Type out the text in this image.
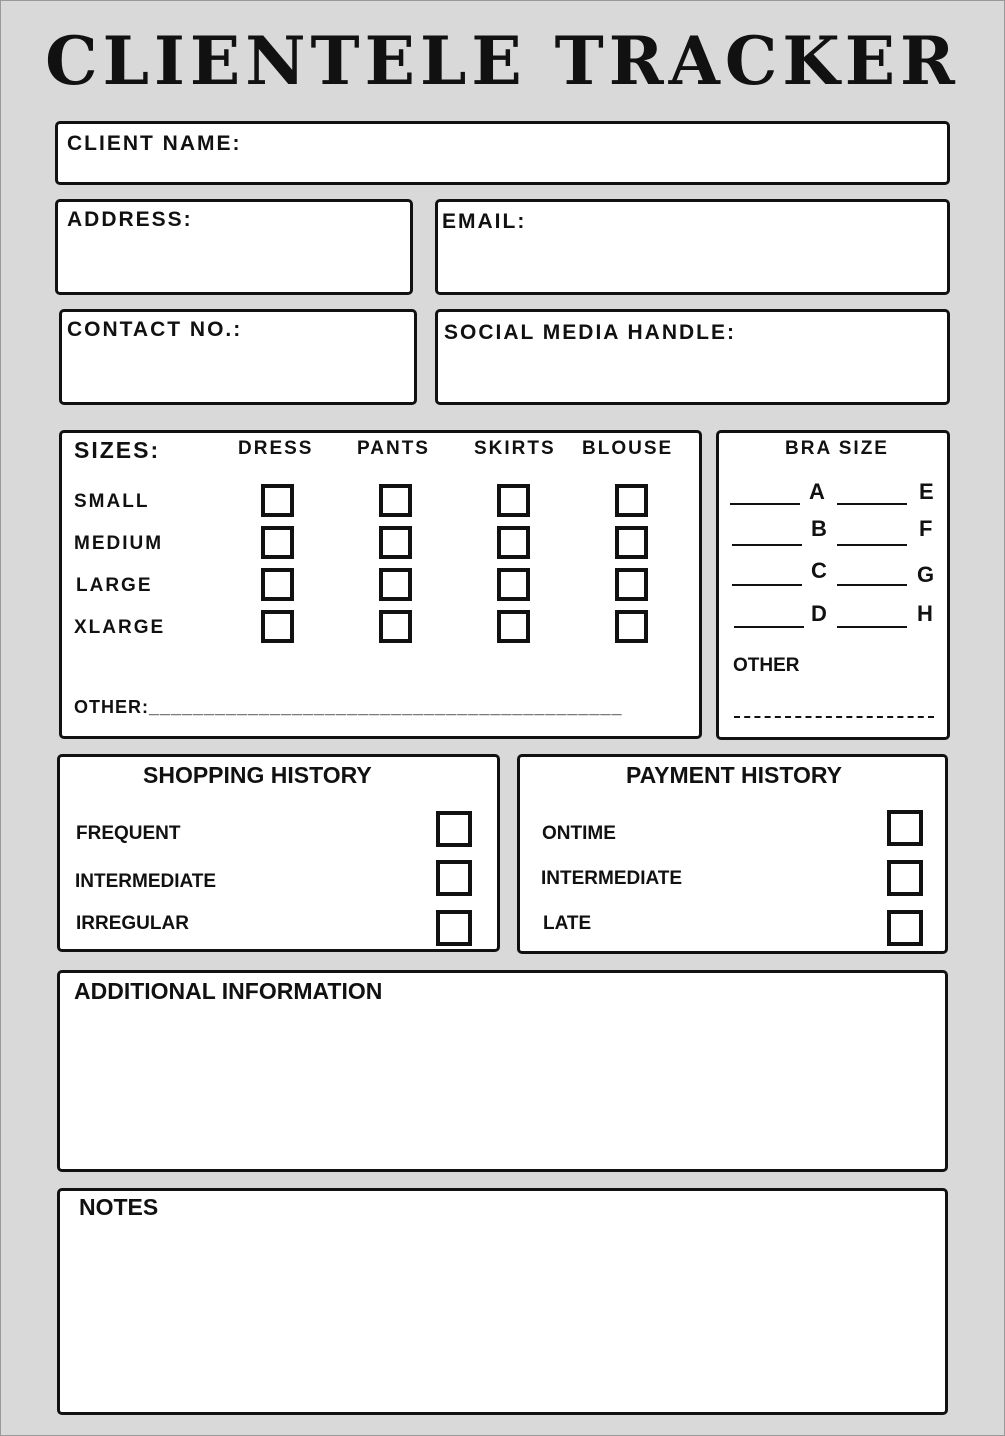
CLIENTELE TRACKER
CLIENT NAME:
ADDRESS:	EMAIL:
CONTACT NO.:	SOCIAL MEDIA HANDLE:
SIZES:	DRESS PANTS SKIRTS BLOUSE
SMALL
MEDIUM
LARGE
XLARGE
OTHER:___________________________________________
BRA SIZE
A	E
B	F
C	G
D	H
OTHER
SHOPPING HISTORY
FREQUENT
INTERMEDIATE
IRREGULAR
PAYMENT HISTORY
ONTIME
INTERMEDIATE
LATE
ADDITIONAL INFORMATION
NOTES
